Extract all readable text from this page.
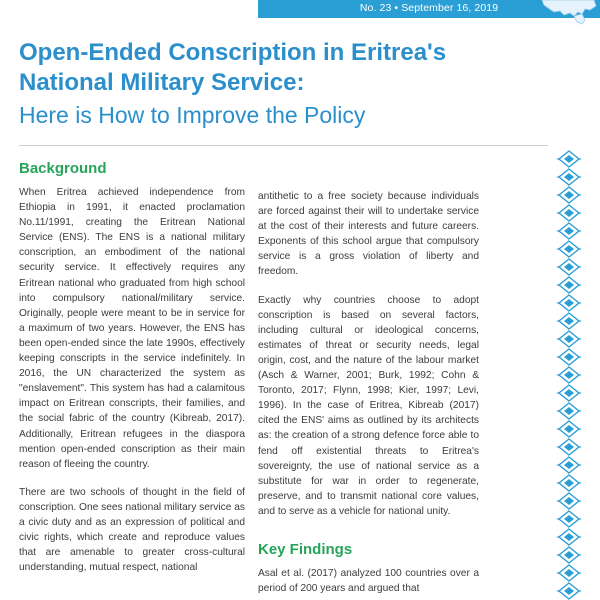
No. 23 • September 16, 2019
Open-Ended Conscription in Eritrea's National Military Service:
Here is How to Improve the Policy
Background

When Eritrea achieved independence from Ethiopia in 1991, it enacted proclamation No.11/1991, creating the Eritrean National Service (ENS). The ENS is a national military conscription, an embodiment of the national security service. It effectively requires any Eritrean national who graduated from high school into compulsory national/military service. Originally, people were meant to be in service for a maximum of two years. However, the ENS has been open-ended since the late 1990s, effectively keeping conscripts in the service indefinitely. In 2016, the UN characterized the system as "enslavement". This system has had a calamitous impact on Eritrean conscripts, their families, and the social fabric of the country (Kibreab, 2017). Additionally, Eritrean refugees in the diaspora mention open-ended conscription as their main reason of fleeing the country.

There are two schools of thought in the field of conscription. One sees national military service as a civic duty and as an expression of political and civic rights, which create and reproduce values that are amenable to greater cross-cultural understanding, mutual respect, national

antithetic to a free society because individuals are forced against their will to undertake service at the cost of their interests and future careers. Exponents of this school argue that compulsory service is a gross violation of liberty and freedom.

Exactly why countries choose to adopt conscription is based on several factors, including cultural or ideological concerns, estimates of threat or security needs, legal origin, cost, and the nature of the labour market (Asch & Warner, 2001; Burk, 1992; Cohn & Toronto, 2017; Flynn, 1998; Kier, 1997; Levi, 1996). In the case of Eritrea, Kibreab (2017) cited the ENS' aims as outlined by its architects as: the creation of a strong defence force able to fend off existential threats to Eritrea's sovereignty, the use of national service as a substitute for war in order to regenerate, preserve, and to transmit national core values, and to serve as a vehicle for national unity.

Key Findings

Asal et al. (2017) analyzed 100 countries over a period of 200 years and argued that
